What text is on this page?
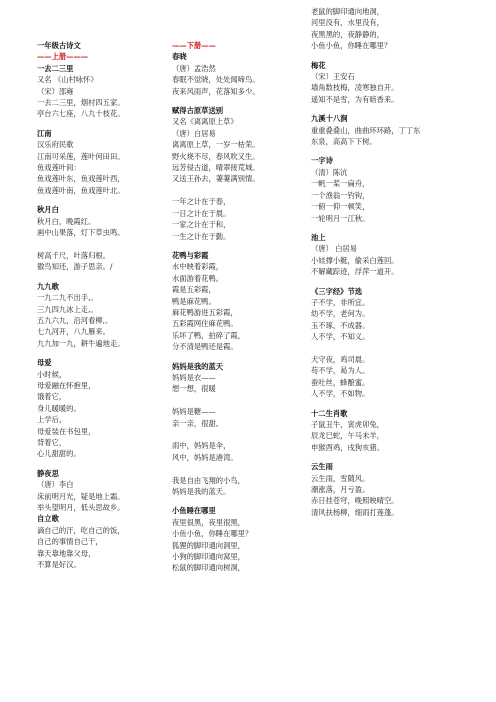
一年级古诗文
——上册———
一去二三里
又名 《山村咏怀》
（宋）邵雍
一去二三里，烟村四五家。
亭台六七座，八九十枝花。
江南
汉乐府民歌
江南可采莲，莲叶何田田。
鱼戏莲叶间：
鱼戏莲叶东，鱼戏莲叶西，
鱼戏莲叶南，鱼戏莲叶北。
秋月白
秋月白，晚霞红。
画中山果落，灯下草虫鸣。

树高千尺，叶落归根。
傲鸟知还，游子思亲。/
九九歌
一九二九不出手,。
三九四九冰上走,。
五九六九，沿河看柳,。
七九河开，八九雁来。
九九加一九，耕牛遍地走。
母爱
小时候，
母爱融在怀抱里，
饿着它，
身儿暖暖的。
上学后，
母爱装在书包里，
背着它，
心儿甜甜的。
静夜思
（唐）李白
床前明月光，疑是地上霜。
举头望明月，低头思故乡。
自立歌
滴自己的汗，吃自己的饭，
自己的事情自己干，
靠天靠地靠父母，
不算是好汉。
——下册——
春晓
（唐）孟浩然
春眠不觉晓，处处闻啼鸟。
夜来风雨声，花落知多少。
赋得古原草送别
又名《离离原上草》
（唐）白居易
离离原上草，一岁一枯荣。
野火烧不尽，春风吹又生。
远芳侵古道，晴翠接荒城。
又送王孙去，萋萋满别情。

一年之计在于春，
一日之计在于晨。
一家之计在于和，
一生之计在于勤。
花鸭与彩霞
水中映着彩霞，
水面游着花鸭。
霞是五彩霞，
鸭是麻花鸭。
麻花鸭游进五彩霞，
五彩霞网住麻花鸭。
乐坏了鸭，拍碎了霞，
分不清是鸭还是霞。
妈妈是我的蓝天
妈妈是衣——
想一想，很暖

妈妈是糖——
亲一亲，很甜。

雨中，妈妈是伞，
风中，妈妈是港湾。

我是自由飞翔的小鸟，
妈妈是我的蓝天。
小鱼睡在哪里
夜里很黑，夜里很黑，
小鱼小鱼，你睡在哪里？
狐狸的脚印通向洞里，
小狗的脚印通向窝里，
松鼠的脚印通向树洞，
老鼠的脚印通向地洞，
河里没有，水里没有，
夜黑黑的，夜静静的，
小鱼小鱼，你睡在哪里？
梅花
（宋）王安石
墙角数枝梅，凌寒独自开。
遥知不是雪，为有暗香来。
九溪十八涧
重重叠叠山，曲曲环环路，丁丁东
东泉，高高下下树。
一字诗
（清）陈沆
一帆一桨一扁舟，
一个渔翁一钓钩，
一俯一仰一顿笑，
一轮明月一江秋。
池上
（唐） 白居易
小娃撑小艇，偷采白莲回。
不解藏踪迹，浮萍一道开。
《三字经》节选
子不学，非所宜。
幼不学，老何为。
玉不琢，不成器。
人不学，不知义。

犬守夜，鸡司晨。
苟不学，曷为人。
蚕吐丝，蜂酿蜜。
人不学，不如物。
十二生肖歌
子鼠丑牛，寅虎卯兔，
辰龙巳蛇，午马未羊，
申猴酉鸡，戌狗亥猪。
云生雨
云生雨，雪随风。
潮涨落，月亏盈。
赤日挂苍穹，晚照映晴空。
清风扶杨柳，细雨打莲蓬。
